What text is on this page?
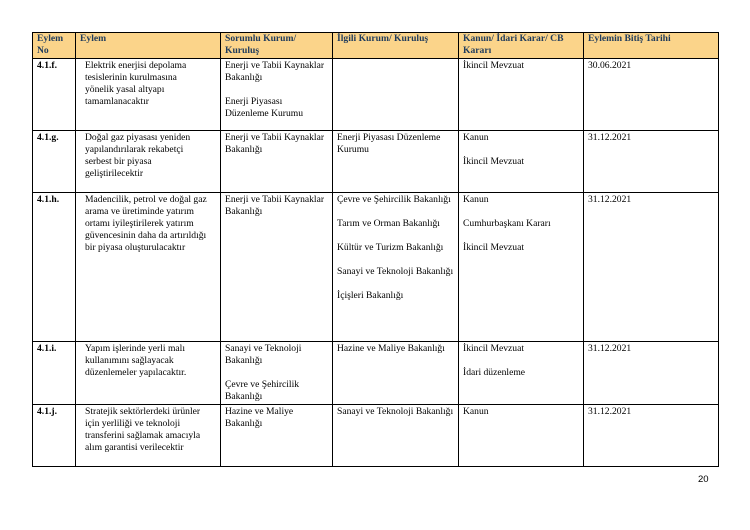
Eylem No	Eylem	Sorumlu Kurum/ Kuruluş	İlgili Kurum/ Kuruluş	Kanun/ İdari Karar/ CB Kararı	Eylemin Bitiş Tarihi
4.1.f.	Elektrik enerjisi depolama
tesislerinin kurulmasına
yönelik yasal altyapı
tamamlanacaktır	Enerji ve Tabii Kaynaklar Bakanlığı
Enerji Piyasası Düzenleme Kurumu		İkincil Mevzuat	30.06.2021
4.1.g.	Doğal gaz piyasası yeniden
yapılandırılarak rekabetçi
serbest bir piyasa
geliştirilecektir	Enerji ve Tabii Kaynaklar Bakanlığı	Enerji Piyasası Düzenleme Kurumu	Kanun
İkincil Mevzuat	31.12.2021
4.1.h.	Madencilik, petrol ve doğal gaz
arama ve üretiminde yatırım
ortamı iyileştirilerek yatırım
güvencesinin daha da artırıldığı
bir piyasa oluşturulacaktır	Enerji ve Tabii Kaynaklar Bakanlığı	Çevre ve Şehircilik Bakanlığı
Tarım ve Orman Bakanlığı
Kültür ve Turizm Bakanlığı
Sanayi ve Teknoloji Bakanlığı
İçişleri Bakanlığı	Kanun
Cumhurbaşkanı Kararı
İkincil Mevzuat	31.12.2021
4.1.i.	Yapım işlerinde yerli malı
kullanımını sağlayacak
düzenlemeler yapılacaktır.	Sanayi ve Teknoloji Bakanlığı
Çevre ve Şehircilik Bakanlığı	Hazine ve Maliye Bakanlığı	İkincil Mevzuat
İdari düzenleme	31.12.2021
4.1.j.	Stratejik sektörlerdeki ürünler
için yerliliği ve teknoloji
transferini sağlamak amacıyla
alım garantisi verilecektir	Hazine ve Maliye Bakanlığı	Sanayi ve Teknoloji Bakanlığı	Kanun	31.12.2021
20
